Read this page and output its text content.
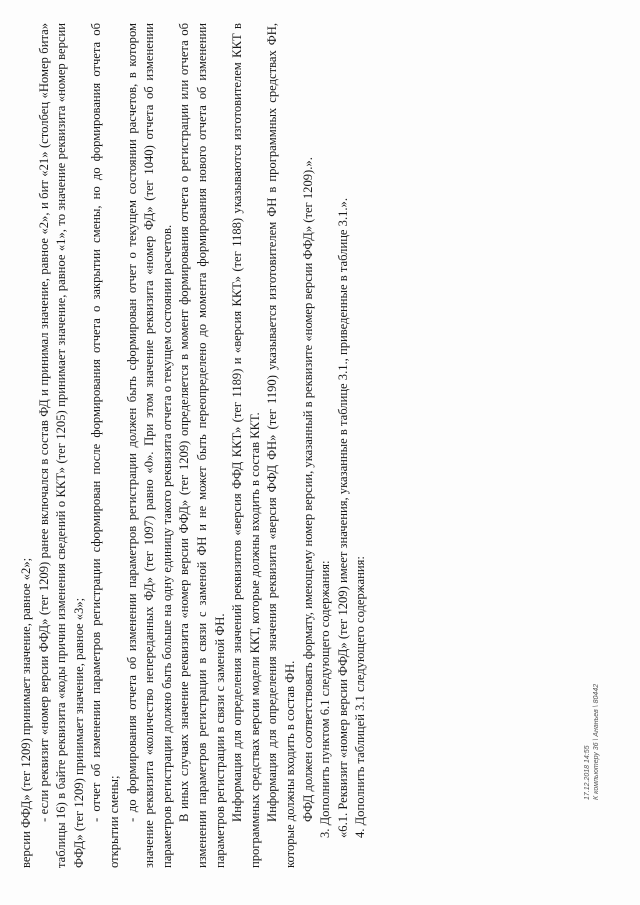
версии ФФД» (тег 1209) принимает значение, равное «2»; - если реквизит «номер версии ФФД» (тег 1209) ранее включался в состав ФД и принимал значение, равное «2», и бит «21» (столбец «Номер бита» таблицы 16) в байте реквизита «коды причин изменения сведений о ККТ» (тег 1205) принимает значение, равное «1», то значение реквизита «номер версии ФФД» (тег 1209) принимает значение, равное «3»; - отчет об изменении параметров регистрации сформирован после формирования отчета о закрытии смены, но до формирования отчета об открытии смены; - до формирования отчета об изменении параметров регистрации должен быть сформирован отчет о текущем состоянии расчетов, в котором значение реквизита «количество непереданных ФД» (тег 1097) равно «0». При этом значение реквизита «номер ФД» (тег 1040) отчета об изменении параметров регистрации должно быть больше на одну единицу такого реквизита отчета о текущем состоянии расчетов. В иных случаях значение реквизита «номер версии ФФД» (тег 1209) определяется в момент формирования отчета о регистрации или отчета об изменении параметров регистрации в связи с заменой ФН и не может быть переопределено до момента формирования нового отчета об изменении параметров регистрации в связи с заменой ФН. Информация для определения значений реквизитов «версия ФФД ККТ» (тег 1189) и «версия ККТ» (тег 1188) указываются изготовителем ККТ в программных средствах версии модели ККТ, которые должны входить в состав ККТ. Информация для определения значения реквизита «версия ФФД ФН» (тег 1190) указывается изготовителем ФН в программных средствах ФН, которые должны входить в состав ФН. ФФД должен соответствовать формату, имеющему номер версии, указанный в реквизите «номер версии ФФД» (тег 1209).». 3. Дополнить пунктом 6.1 следующего содержания: «6.1. Реквизит «номер версии ФФД» (тег 1209) имеет значения, указанные в таблице 3.1., приведенные в таблице 3.1.». 4. Дополнить таблицей 3.1 следующего содержания:	17.12.2018 14:55 К компьютеру 36 \ Ананьев \ 80442
